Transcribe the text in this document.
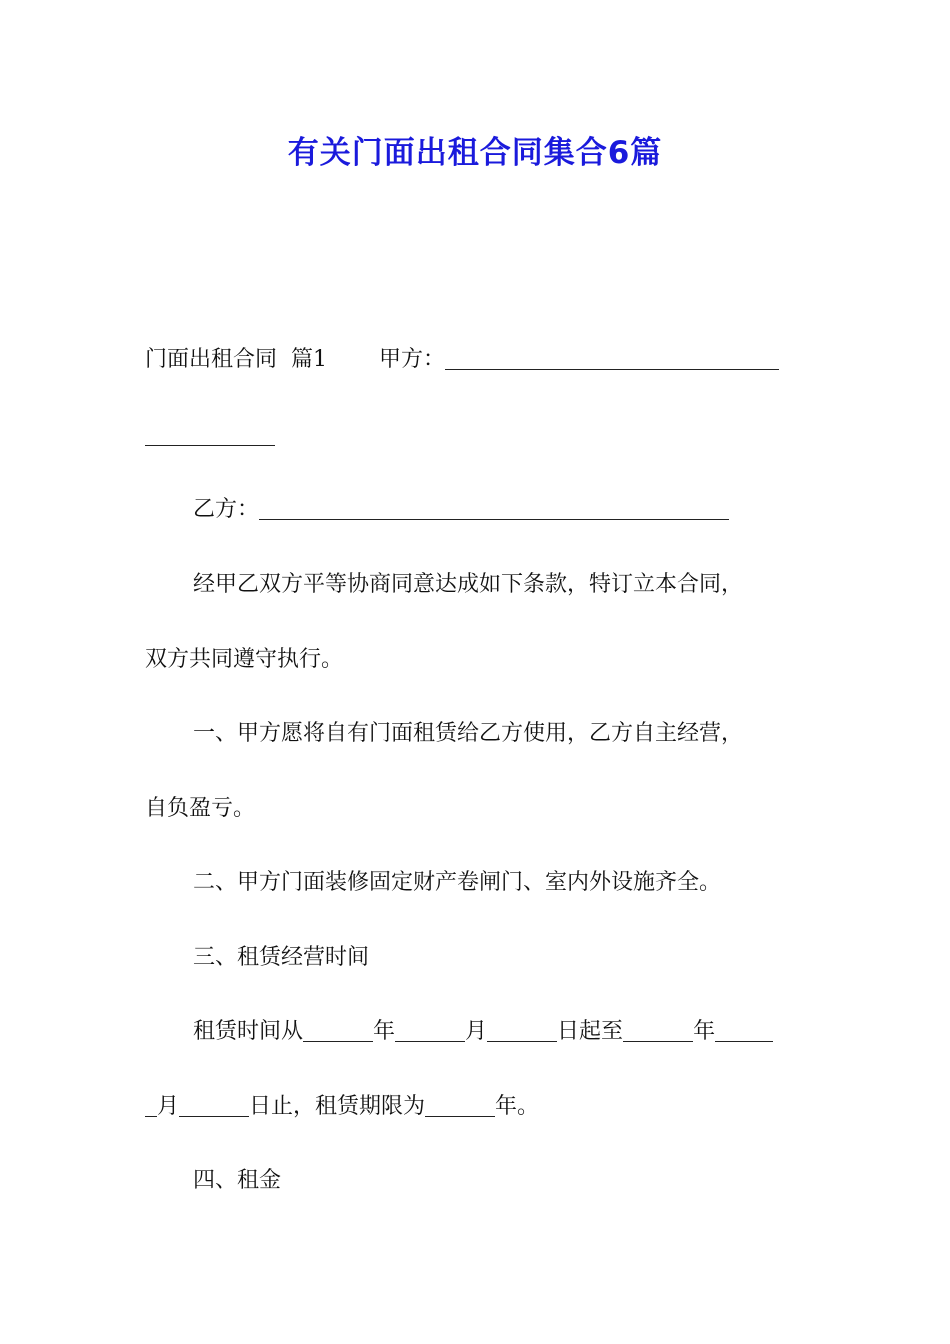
有关门面出租合同集合6篇
门面出租合同 篇1 甲方：
乙方：
经甲乙双方平等协商同意达成如下条款，特订立本合同，
双方共同遵守执行。
一、甲方愿将自有门面租赁给乙方使用，乙方自主经营，
自负盈亏。
二、甲方门面装修固定财产卷闸门、室内外设施齐全。
三、租赁经营时间
租赁时间从	年	月	日起至	年
月	日止，租赁期限为	年。
四、租金
